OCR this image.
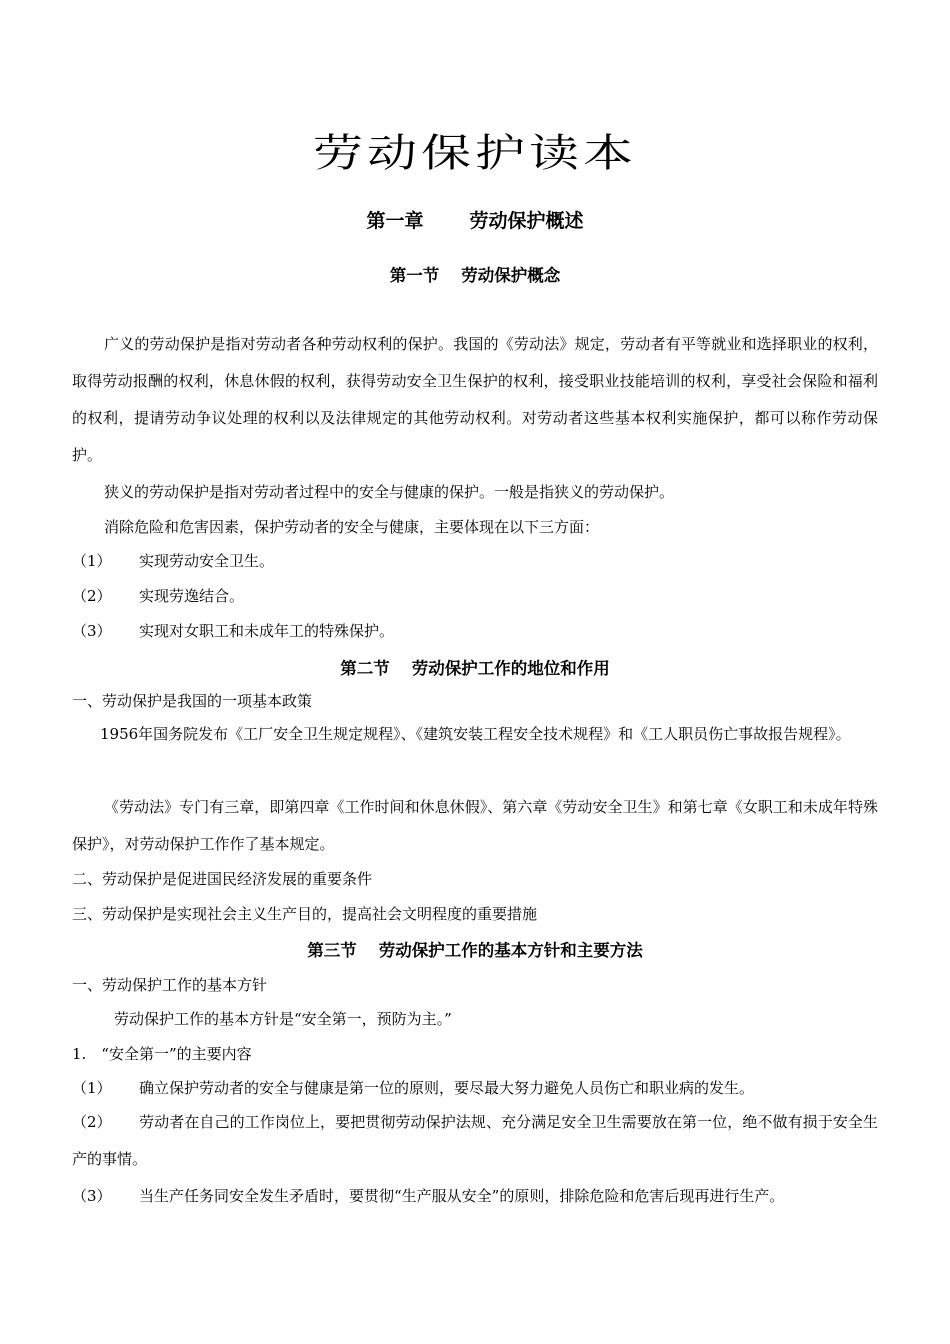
劳动保护读本
第一章 劳动保护概述
第一节 劳动保护概念
广义的劳动保护是指对劳动者各种劳动权利的保护。我国的《劳动法》规定，劳动者有平等就业和选择职业的权利，取得劳动报酬的权利，休息休假的权利，获得劳动安全卫生保护的权利，接受职业技能培训的权利，享受社会保险和福利的权利，提请劳动争议处理的权利以及法律规定的其他劳动权利。对劳动者这些基本权利实施保护，都可以称作劳动保护。
狭义的劳动保护是指对劳动者过程中的安全与健康的保护。一般是指狭义的劳动保护。
消除危险和危害因素，保护劳动者的安全与健康，主要体现在以下三方面：
（1） 实现劳动安全卫生。
（2） 实现劳逸结合。
（3） 实现对女职工和未成年工的特殊保护。
第二节 劳动保护工作的地位和作用
一、劳动保护是我国的一项基本政策
1956年国务院发布《工厂安全卫生规定规程》、《建筑安装工程安全技术规程》和《工人职员伤亡事故报告规程》。
《劳动法》专门有三章，即第四章《工作时间和休息休假》、第六章《劳动安全卫生》和第七章《女职工和未成年特殊保护》，对劳动保护工作作了基本规定。
二、劳动保护是促进国民经济发展的重要条件
三、劳动保护是实现社会主义生产目的，提高社会文明程度的重要措施
第三节 劳动保护工作的基本方针和主要方法
一、劳动保护工作的基本方针
劳动保护工作的基本方针是“安全第一，预防为主。”
1.　“安全第一”的主要内容
（1） 确立保护劳动者的安全与健康是第一位的原则，要尽最大努力避免人员伤亡和职业病的发生。
（2） 劳动者在自己的工作岗位上，要把贯彻劳动保护法规、充分满足安全卫生需要放在第一位，绝不做有损于安全生产的事情。
（3） 当生产任务同安全发生矛盾时，要贯彻“生产服从安全”的原则，排除危险和危害后现再进行生产。
